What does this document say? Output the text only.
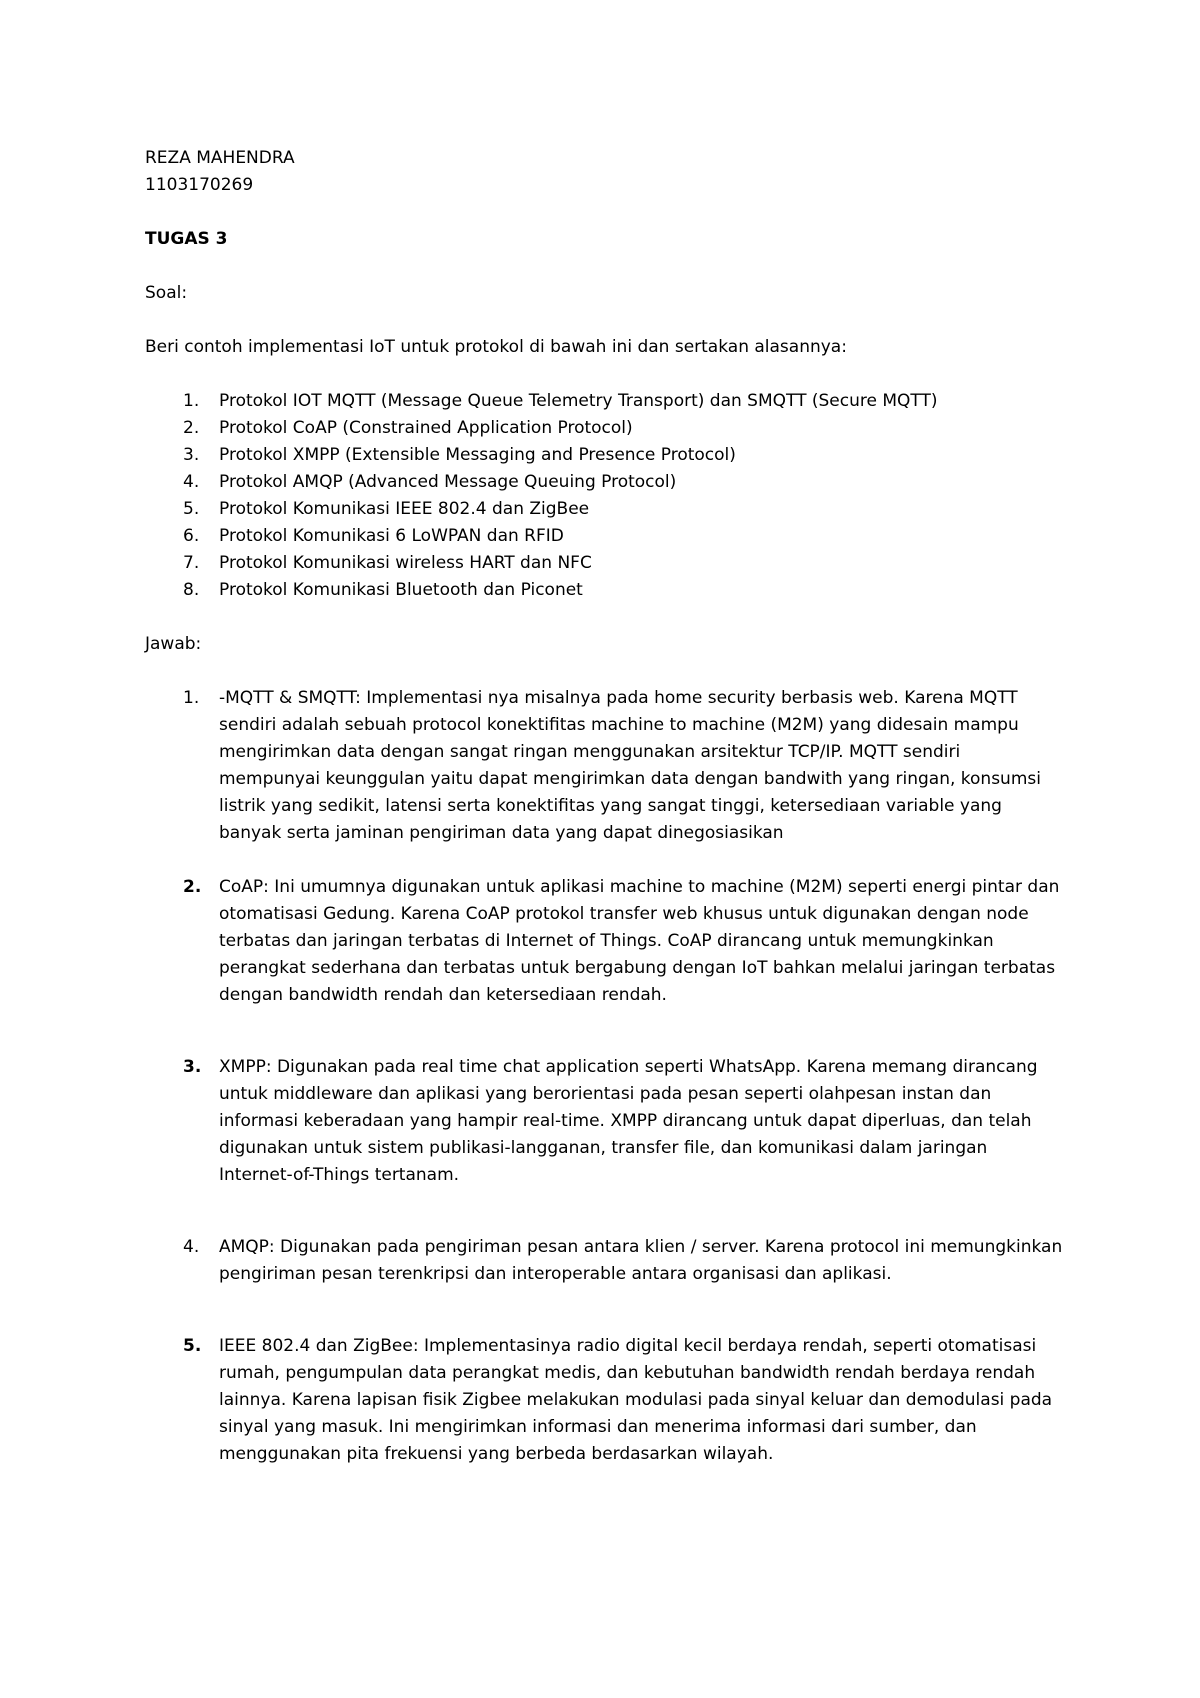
REZA MAHENDRA

1103170269

TUGAS 3

Soal:

Beri contoh implementasi IoT untuk protokol di bawah ini dan sertakan alasannya:

1.	Protokol IOT MQTT (Message Queue Telemetry Transport) dan SMQTT (Secure MQTT)
2.	Protokol CoAP (Constrained Application Protocol)
3.	Protokol XMPP (Extensible Messaging and Presence Protocol)
4.	Protokol AMQP (Advanced Message Queuing Protocol)
5.	Protokol Komunikasi IEEE 802.4 dan ZigBee
6.	Protokol Komunikasi 6 LoWPAN dan RFID
7.	Protokol Komunikasi wireless HART dan NFC
8.	Protokol Komunikasi Bluetooth dan Piconet

Jawab:

1.	-MQTT & SMQTT: Implementasi nya misalnya pada home security berbasis web. Karena MQTT sendiri adalah sebuah protocol konektifitas machine to machine (M2M) yang didesain mampu mengirimkan data dengan sangat ringan menggunakan arsitektur TCP/IP. MQTT sendiri mempunyai keunggulan yaitu dapat mengirimkan data dengan bandwith yang ringan, konsumsi listrik yang sedikit, latensi serta konektifitas yang sangat tinggi, ketersediaan variable yang banyak serta jaminan pengiriman data yang dapat dinegosiasikan
2.	CoAP: Ini umumnya digunakan untuk aplikasi machine to machine (M2M) seperti energi pintar dan otomatisasi Gedung. Karena CoAP protokol transfer web khusus untuk digunakan dengan node terbatas dan jaringan terbatas di Internet of Things. CoAP dirancang untuk memungkinkan perangkat sederhana dan terbatas untuk bergabung dengan IoT bahkan melalui jaringan terbatas dengan bandwidth rendah dan ketersediaan rendah.
3.	XMPP: Digunakan pada real time chat application seperti WhatsApp. Karena memang dirancang untuk middleware dan aplikasi yang berorientasi pada pesan seperti olahpesan instan dan informasi keberadaan yang hampir real-time. XMPP dirancang untuk dapat diperluas, dan telah digunakan untuk sistem publikasi-langganan, transfer file, dan komunikasi dalam jaringan Internet-of-Things tertanam.
4.	AMQP: Digunakan pada pengiriman pesan antara klien / server. Karena protocol ini memungkinkan pengiriman pesan terenkripsi dan interoperable antara organisasi dan aplikasi.
5.	IEEE 802.4 dan ZigBee: Implementasinya radio digital kecil berdaya rendah, seperti otomatisasi rumah, pengumpulan data perangkat medis, dan kebutuhan bandwidth rendah berdaya rendah lainnya. Karena lapisan fisik Zigbee melakukan modulasi pada sinyal keluar dan demodulasi pada sinyal yang masuk. Ini mengirimkan informasi dan menerima informasi dari sumber, dan menggunakan pita frekuensi yang berbeda berdasarkan wilayah.
